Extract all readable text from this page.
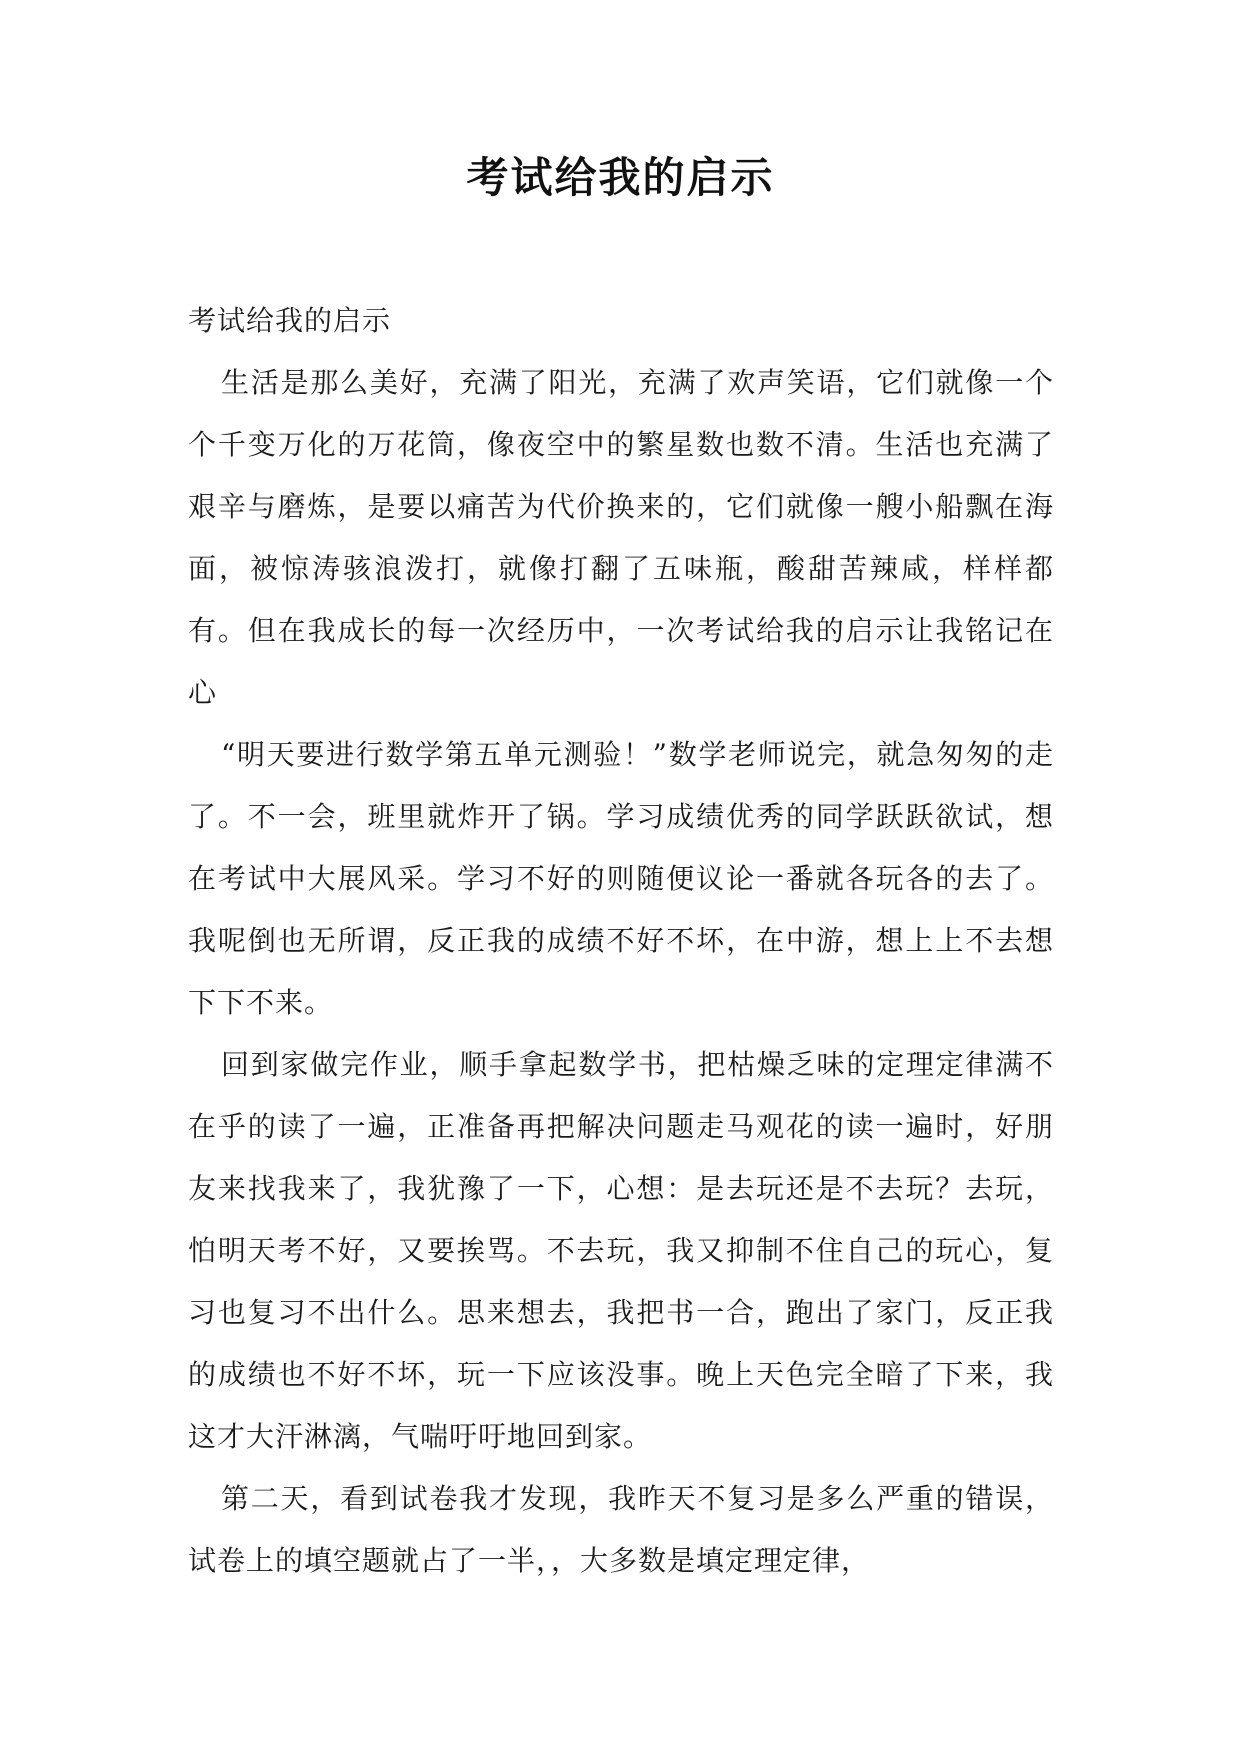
考试给我的启示

考试给我的启示

生活是那么美好，充满了阳光，充满了欢声笑语，它们就像一个个千变万化的万花筒，像夜空中的繁星数也数不清。生活也充满了艰辛与磨炼，是要以痛苦为代价换来的，它们就像一艘小船飘在海面，被惊涛骇浪泼打，就像打翻了五味瓶，酸甜苦辣咸，样样都有。但在我成长的每一次经历中，一次考试给我的启示让我铭记在心

“明天要进行数学第五单元测验！”数学老师说完，就急匆匆的走了。不一会，班里就炸开了锅。学习成绩优秀的同学跃跃欲试，想在考试中大展风采。学习不好的则随便议论一番就各玩各的去了。我呢倒也无所谓，反正我的成绩不好不坏，在中游，想上上不去想下下不来。

回到家做完作业，顺手拿起数学书，把枯燥乏味的定理定律满不在乎的读了一遍，正准备再把解决问题走马观花的读一遍时，好朋友来找我来了，我犹豫了一下，心想：是去玩还是不去玩？去玩，怕明天考不好，又要挨骂。不去玩，我又抑制不住自己的玩心，复习也复习不出什么。思来想去，我把书一合，跑出了家门，反正我的成绩也不好不坏，玩一下应该没事。晚上天色完全暗了下来，我这才大汗淋漓，气喘吁吁地回到家。

第二天，看到试卷我才发现，我昨天不复习是多么严重的错误，试卷上的填空题就占了一半，，大多数是填定理定律，
